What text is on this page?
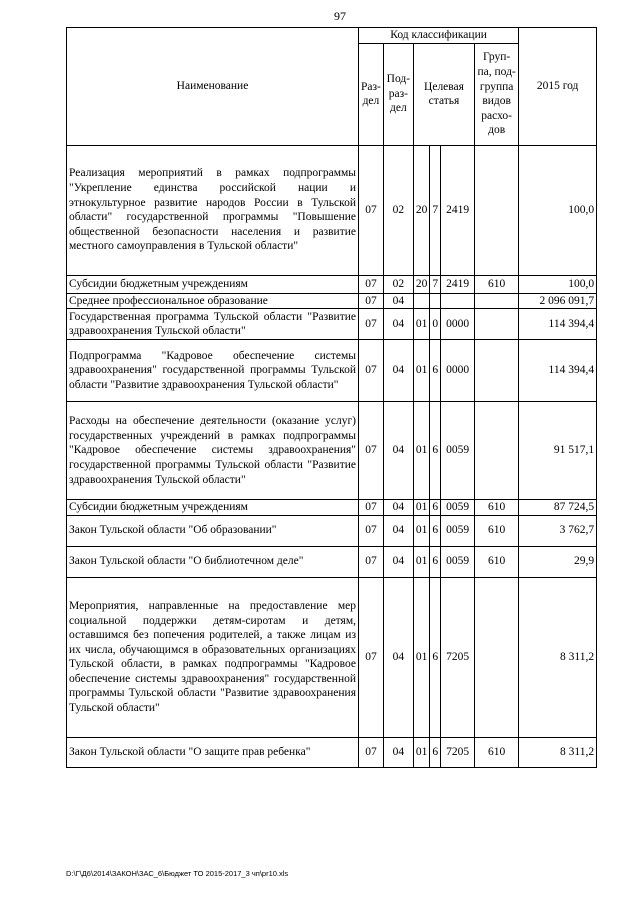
97
Наименование	Код классификации						2015 год
	Раз-дел	Под-раз-дел	Целевая статья			Груп-па, под-группа видов расхо-дов	
Реализация мероприятий в рамках подпрограммы "Укрепление единства российской нации и этнокультурное развитие народов России в Тульской области" государственной программы "Повышение общественной безопасности населения и развитие местного самоуправления в Тульской области"	07	02	20	7	2419		100,0
Субсидии бюджетным учреждениям	07	02	20	7	2419	610	100,0
Среднее профессиональное образование	07	04					2 096 091,7
Государственная программа Тульской области "Развитие здравоохранения Тульской области"	07	04	01	0	0000		114 394,4
Подпрограмма "Кадровое обеспечение системы здравоохранения" государственной программы Тульской области "Развитие здравоохранения Тульской области"	07	04	01	6	0000		114 394,4
Расходы на обеспечение деятельности (оказание услуг) государственных учреждений в рамках подпрограммы "Кадровое обеспечение системы здравоохранения" государственной программы Тульской области "Развитие здравоохранения Тульской области"	07	04	01	6	0059		91 517,1
Субсидии бюджетным учреждениям	07	04	01	6	0059	610	87 724,5
Закон Тульской области "Об образовании"	07	04	01	6	0059	610	3 762,7
Закон Тульской области "О библиотечном деле"	07	04	01	6	0059	610	29,9
Мероприятия, направленные на предоставление мер социальной поддержки детям-сиротам и детям, оставшимся без попечения родителей, а также лицам из их числа, обучающимся в образовательных организациях Тульской области, в рамках подпрограммы "Кадровое обеспечение системы здравоохранения" государственной программы Тульской области "Развитие здравоохранения Тульской области"	07	04	01	6	7205		8 311,2
Закон Тульской области "О защите прав ребенка"	07	04	01	6	7205	610	8 311,2
D:\Г\Д6\2014\ЗАКОН\ЗАС_6\Бюджет ТО 2015-2017_3 чп\pr10.xls
